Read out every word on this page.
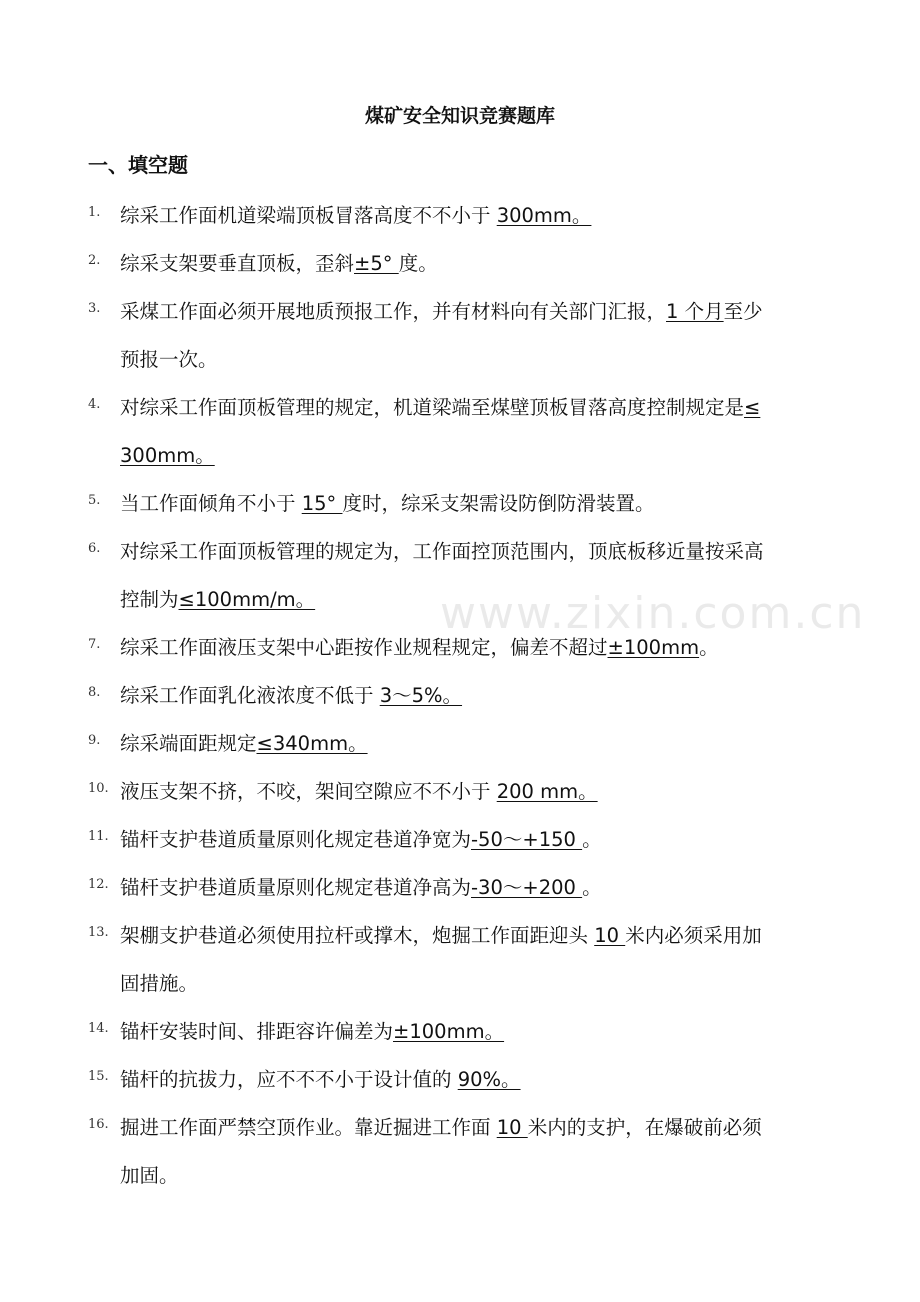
www.zixin.com.cn
煤矿安全知识竞赛题库
一、填空题
1.	综采工作面机道梁端顶板冒落高度不不小于 300mm。
2.	综采支架要垂直顶板，歪斜±5° 度。
3.	采煤工作面必须开展地质预报工作，并有材料向有关部门汇报，1 个月至少
预报一次。
4.	对综采工作面顶板管理的规定，机道梁端至煤壁顶板冒落高度控制规定是≤
300mm。
5.	当工作面倾角不小于 15° 度时，综采支架需设防倒防滑装置。
6.	对综采工作面顶板管理的规定为，工作面控顶范围内，顶底板移近量按采高
控制为≤100mm/m。
7.	综采工作面液压支架中心距按作业规程规定，偏差不超过±100mm。
8.	综采工作面乳化液浓度不低于 3～5%。
9.	综采端面距规定≤340mm。
10. 液压支架不挤，不咬，架间空隙应不不小于 200 mm。
11. 锚杆支护巷道质量原则化规定巷道净宽为-50～+150 。
12. 锚杆支护巷道质量原则化规定巷道净高为-30～+200 。
13. 架棚支护巷道必须使用拉杆或撑木，炮掘工作面距迎头 10 米内必须采用加
固措施。
14. 锚杆安装时间、排距容许偏差为±100mm。
15. 锚杆的抗拔力，应不不不小于设计值的 90%。
16. 掘进工作面严禁空顶作业。靠近掘进工作面 10 米内的支护，在爆破前必须
加固。
